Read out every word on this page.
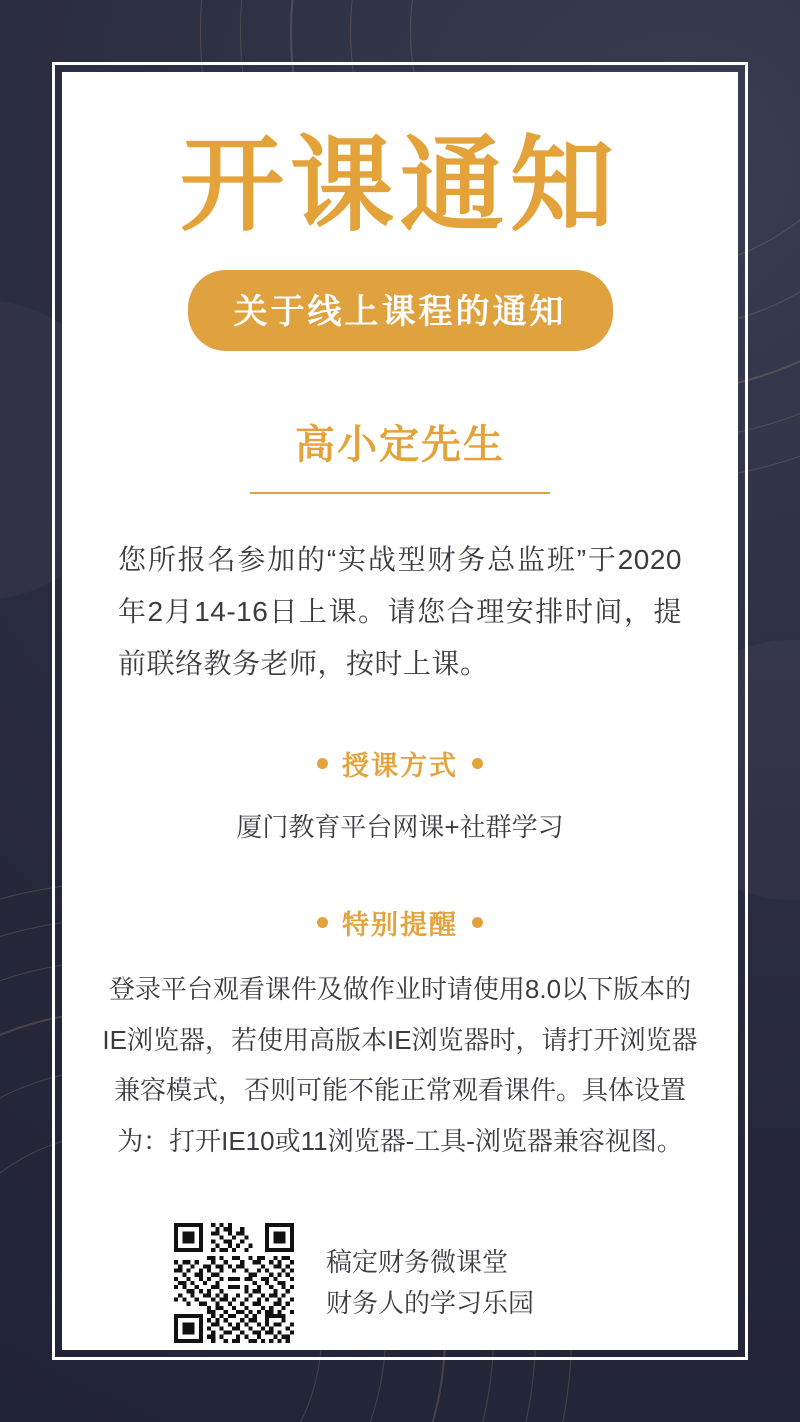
开课通知
关于线上课程的通知
高小定先生

您所报名参加的“实战型财务总监班”于2020年2月14-16日上课。请您合理安排时间，提前联络教务老师，按时上课。

授课方式
厦门教育平台网课+社群学习
特别提醒
登录平台观看课件及做作业时请使用8.0以下版本的IE浏览器，若使用高版本IE浏览器时，请打开浏览器兼容模式，否则可能不能正常观看课件。具体设置为：打开IE10或11浏览器-工具-浏览器兼容视图。
稿定财务微课堂
财务人的学习乐园
